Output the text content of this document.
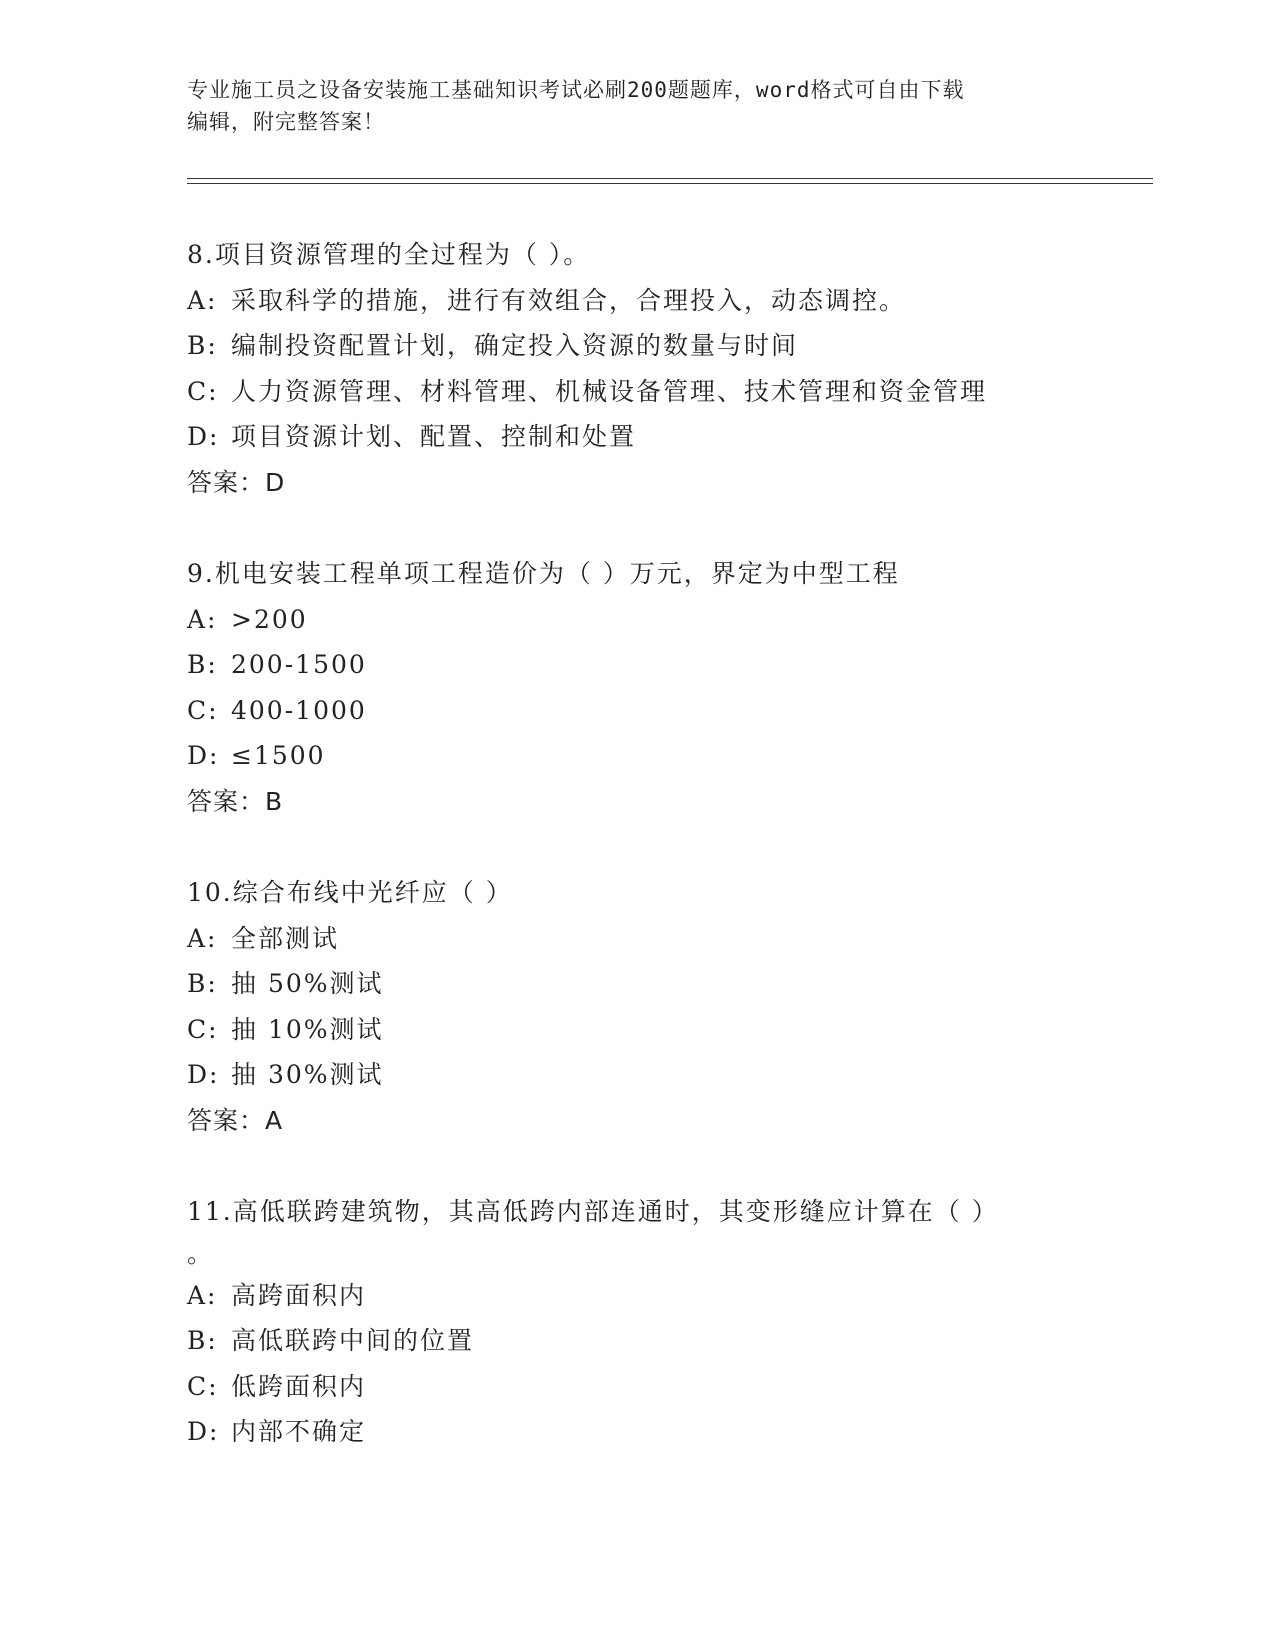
专业施工员之设备安装施工基础知识考试必刷200题题库，word格式可自由下载
编辑，附完整答案！
8.项目资源管理的全过程为（ ）。
A: 采取科学的措施，进行有效组合，合理投入，动态调控。
B: 编制投资配置计划，确定投入资源的数量与时间
C: 人力资源管理、材料管理、机械设备管理、技术管理和资金管理
D: 项目资源计划、配置、控制和处置
答案：D
9.机电安装工程单项工程造价为（ ）万元，界定为中型工程
A: >200
B: 200-1500
C: 400-1000
D: ≤1500
答案：B
10.综合布线中光纤应（ ）
A: 全部测试
B: 抽 50%测试
C: 抽 10%测试
D: 抽 30%测试
答案：A
11.高低联跨建筑物，其高低跨内部连通时，其变形缝应计算在（ ）
。
A: 高跨面积内
B: 高低联跨中间的位置
C: 低跨面积内
D: 内部不确定
